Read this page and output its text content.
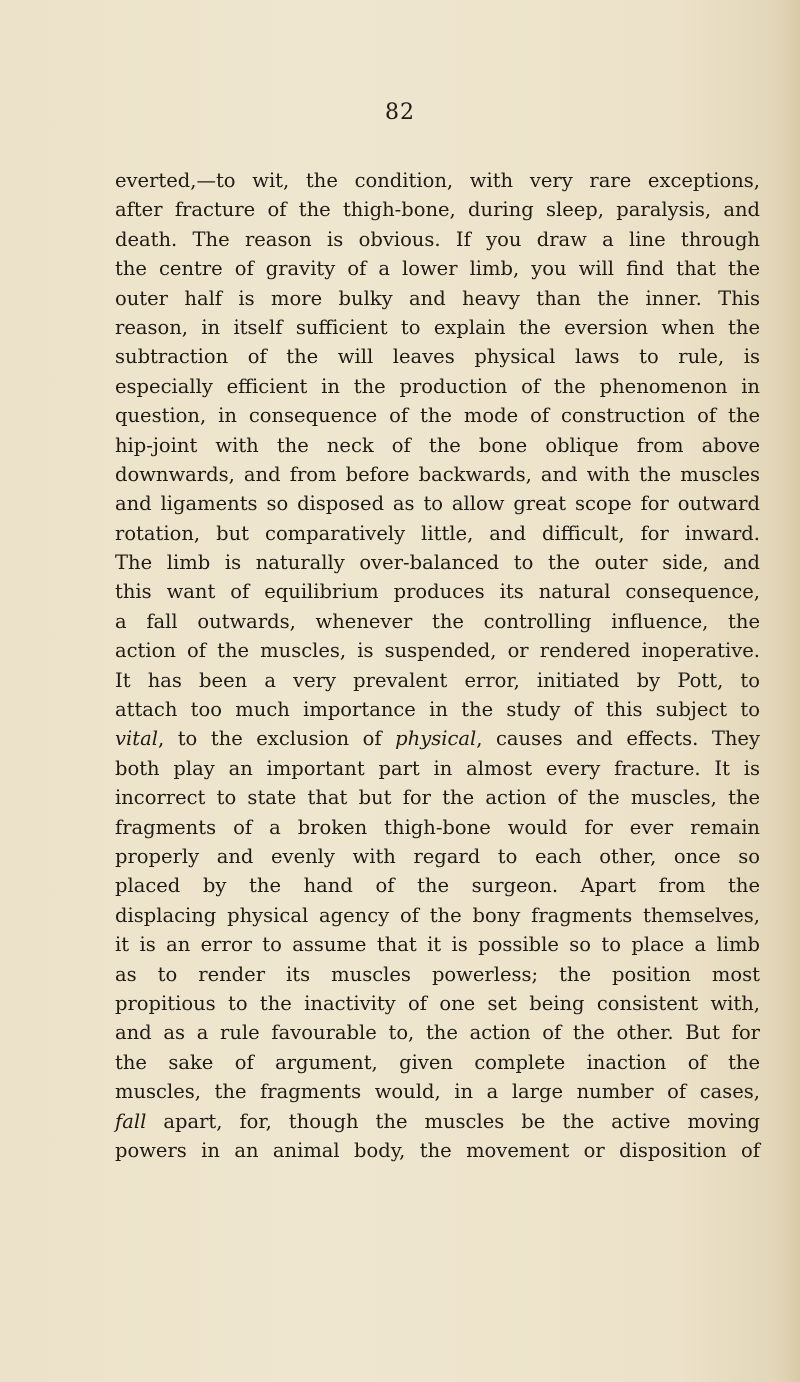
82
everted,—to wit, the condition, with very rare exceptions,
after fracture of the thigh-bone, during sleep, paralysis, and
death. The reason is obvious. If you draw a line through
the centre of gravity of a lower limb, you will find that the
outer half is more bulky and heavy than the inner. This
reason, in itself sufficient to explain the eversion when the
subtraction of the will leaves physical laws to rule, is
especially efficient in the production of the phenomenon in
question, in consequence of the mode of construction of the
hip-joint with the neck of the bone oblique from above
downwards, and from before backwards, and with the muscles
and ligaments so disposed as to allow great scope for outward
rotation, but comparatively little, and difficult, for inward.
The limb is naturally over-balanced to the outer side, and
this want of equilibrium produces its natural consequence,
a fall outwards, whenever the controlling influence, the
action of the muscles, is suspended, or rendered inoperative.
It has been a very prevalent error, initiated by Pott, to
attach too much importance in the study of this subject to
vital, to the exclusion of physical, causes and effects. They
both play an important part in almost every fracture. It is
incorrect to state that but for the action of the muscles, the
fragments of a broken thigh-bone would for ever remain
properly and evenly with regard to each other, once so
placed by the hand of the surgeon. Apart from the
displacing physical agency of the bony fragments themselves,
it is an error to assume that it is possible so to place a limb
as to render its muscles powerless; the position most
propitious to the inactivity of one set being consistent with,
and as a rule favourable to, the action of the other. But for
the sake of argument, given complete inaction of the
muscles, the fragments would, in a large number of cases,
fall apart, for, though the muscles be the active moving
powers in an animal body, the movement or disposition of
